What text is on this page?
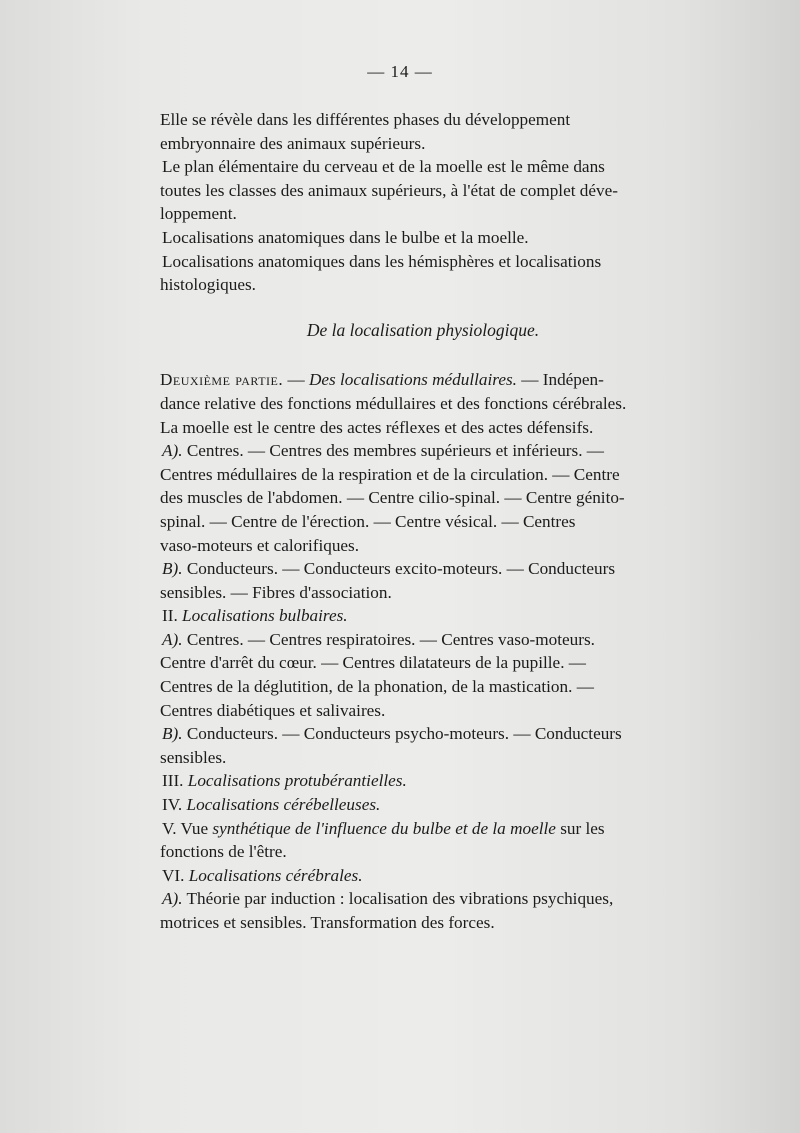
— 14 —
Elle se révèle dans les différentes phases du développement
embryonnaire des animaux supérieurs.
Le plan élémentaire du cerveau et de la moelle est le même dans
toutes les classes des animaux supérieurs, à l'état de complet déve-
loppement.
Localisations anatomiques dans le bulbe et la moelle.
Localisations anatomiques dans les hémisphères et localisations
histologiques.
De la localisation physiologique.
Deuxième partie. — Des localisations médullaires. — Indépen-
dance relative des fonctions médullaires et des fonctions cérébrales.
La moelle est le centre des actes réflexes et des actes défensifs.
A). Centres. — Centres des membres supérieurs et inférieurs. —
Centres médullaires de la respiration et de la circulation. — Centre
des muscles de l'abdomen. — Centre cilio-spinal. — Centre génito-
spinal. — Centre de l'érection. — Centre vésical. — Centres
vaso-moteurs et calorifiques.
B). Conducteurs. — Conducteurs excito-moteurs. — Conducteurs
sensibles. — Fibres d'association.
II. Localisations bulbaires.
A). Centres. — Centres respiratoires. — Centres vaso-moteurs.
Centre d'arrêt du cœur. — Centres dilatateurs de la pupille. —
Centres de la déglutition, de la phonation, de la mastication. —
Centres diabétiques et salivaires.
B). Conducteurs. — Conducteurs psycho-moteurs. — Conducteurs
sensibles.
III. Localisations protubérantielles.
IV. Localisations cérébelleuses.
V. Vue synthétique de l'influence du bulbe et de la moelle sur les
fonctions de l'être.
VI. Localisations cérébrales.
A). Théorie par induction : localisation des vibrations psychiques,
motrices et sensibles. Transformation des forces.
